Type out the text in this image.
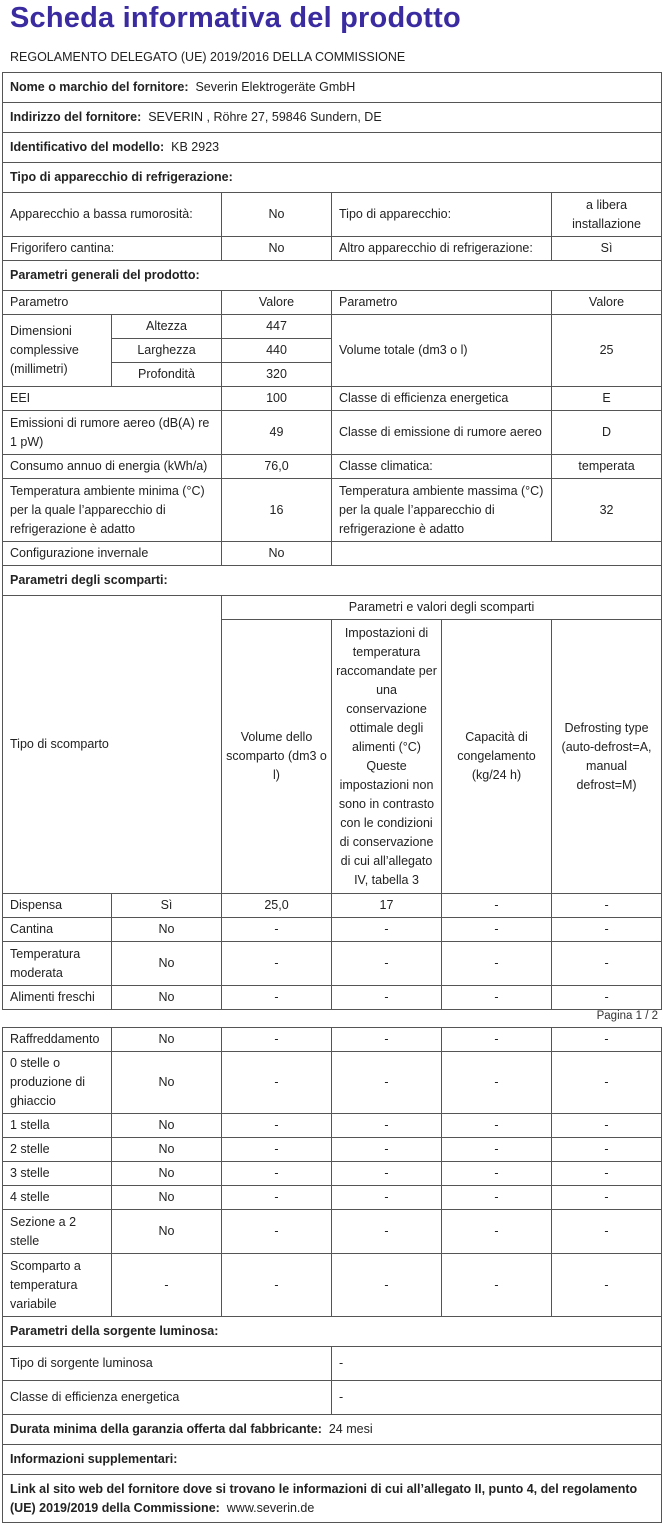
Scheda informativa del prodotto
REGOLAMENTO DELEGATO (UE) 2019/2016 DELLA COMMISSIONE
Nome o marchio del fornitore: Severin Elektrogeräte GmbH					
Indirizzo del fornitore: SEVERIN , Röhre 27, 59846 Sundern, DE					
Identificativo del modello: KB 2923					
Tipo di apparecchio di refrigerazione:					
Apparecchio a bassa rumorosità:		No	Tipo di apparecchio:		a libera installazione
Frigorifero cantina:		No	Altro apparecchio di refrigerazione:		Sì
Parametri generali del prodotto:					
Parametro		Valore	Parametro		Valore
Dimensioni complessive (millimetri)	Altezza	447	Volume totale (dm3 o l)		25
	Larghezza	440			
	Profondità	320			
EEI		100	Classe di efficienza energetica		E
Emissioni di rumore aereo (dB(A) re 1 pW)		49	Classe di emissione di rumore aereo		D
Consumo annuo di energia (kWh/a)		76,0	Classe climatica:		temperata
Temperatura ambiente minima (°C) per la quale l’apparecchio di refrigerazione è adatto		16	Temperatura ambiente massima (°C) per la quale l’apparecchio di refrigerazione è adatto		32
Configurazione invernale		No			
Parametri degli scomparti:					
Tipo di scomparto		Parametri e valori degli scomparti			
		Volume dello scomparto (dm3 o l)	Impostazioni di temperatura raccomandate per una conservazione ottimale degli alimenti (°C) Queste impostazioni non sono in contrasto con le condizioni di conservazione di cui all’allegato IV, tabella 3	Capacità di congelamento (kg/24 h)	Defrosting type (auto-defrost=A, manual defrost=M)
Dispensa	Sì	25,0	17	-	-
Cantina	No	-	-	-	-
Temperatura moderata	No	-	-	-	-
Alimenti freschi	No	-	-	-	-
Pagina 1 / 2
Raffreddamento	No	-	-	-	-
0 stelle o produzione di ghiaccio	No	-	-	-	-
1 stella	No	-	-	-	-
2 stelle	No	-	-	-	-
3 stelle	No	-	-	-	-
4 stelle	No	-	-	-	-
Sezione a 2 stelle	No	-	-	-	-
Scomparto a temperatura variabile	-	-	-	-	-
Parametri della sorgente luminosa:					
Tipo di sorgente luminosa			-		
Classe di efficienza energetica			-		
Durata minima della garanzia offerta dal fabbricante: 24 mesi					
Informazioni supplementari:					
Link al sito web del fornitore dove si trovano le informazioni di cui all’allegato II, punto 4, del regolamento (UE) 2019/2019 della Commissione: www.severin.de					
